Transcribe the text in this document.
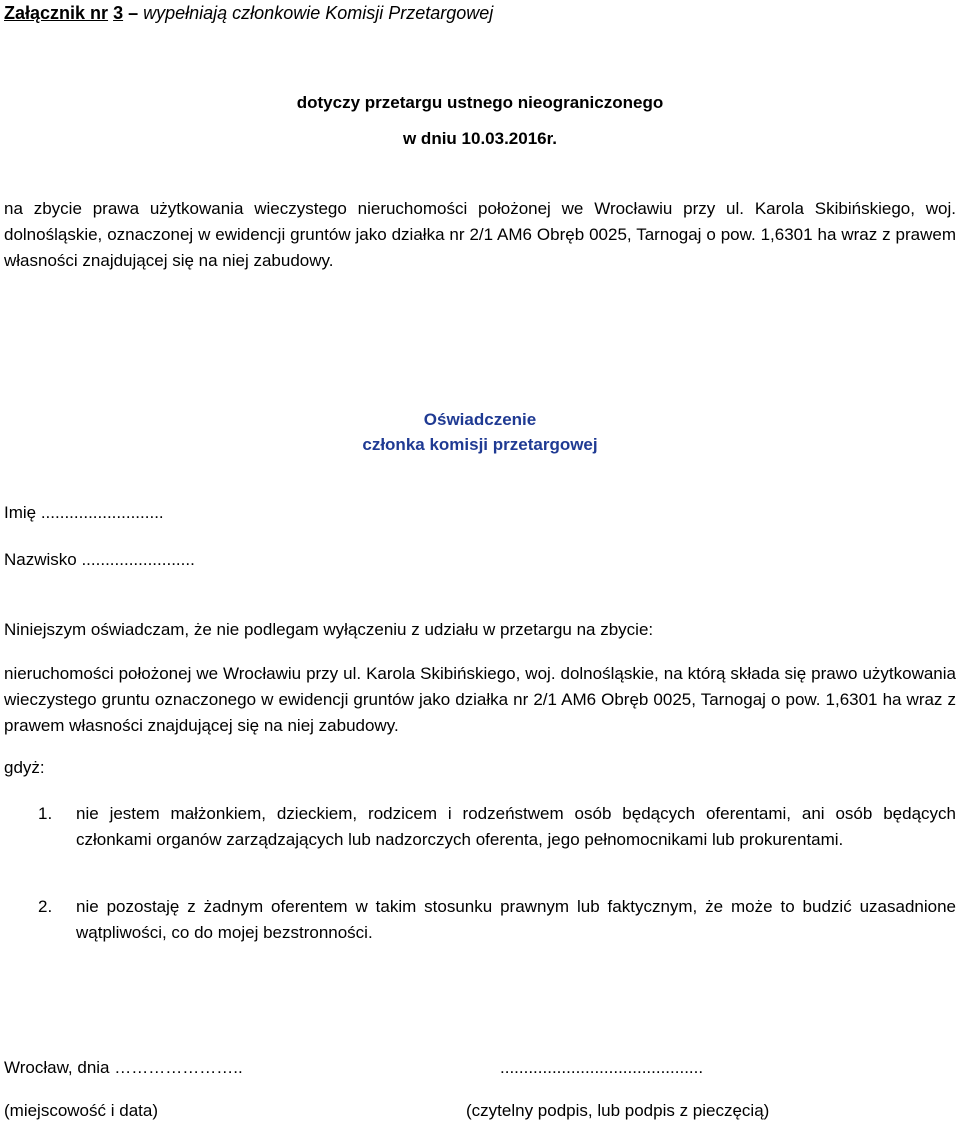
Załącznik nr 3 – wypełniają członkowie Komisji Przetargowej
dotyczy przetargu ustnego nieograniczonego
w dniu 10.03.2016r.
na zbycie prawa użytkowania wieczystego nieruchomości położonej we Wrocławiu przy ul. Karola Skibińskiego, woj. dolnośląskie, oznaczonej w ewidencji gruntów jako działka nr 2/1 AM6 Obręb 0025, Tarnogaj o pow. 1,6301 ha wraz z prawem własności znajdującej się na niej zabudowy.
Oświadczenie
członka komisji przetargowej
Imię ..........................
Nazwisko ........................
Niniejszym oświadczam, że nie podlegam wyłączeniu z udziału w przetargu na zbycie:
nieruchomości położonej we Wrocławiu przy ul. Karola Skibińskiego, woj. dolnośląskie, na którą składa się prawo użytkowania wieczystego gruntu oznaczonego w ewidencji gruntów jako działka nr 2/1 AM6 Obręb 0025, Tarnogaj o pow. 1,6301 ha wraz z prawem własności znajdującej się na niej zabudowy.
gdyż:
1. nie jestem małżonkiem, dzieckiem, rodzicem i rodzeństwem osób będących oferentami, ani osób będących członkami organów zarządzających lub nadzorczych oferenta, jego pełnomocnikami lub prokurentami.
2. nie pozostaję z żadnym oferentem w takim stosunku prawnym lub faktycznym, że może to budzić uzasadnione wątpliwości, co do mojej bezstronności.
Wrocław, dnia …………………..	...........................................
(miejscowość i data)	(czytelny podpis, lub podpis z pieczęcią)
